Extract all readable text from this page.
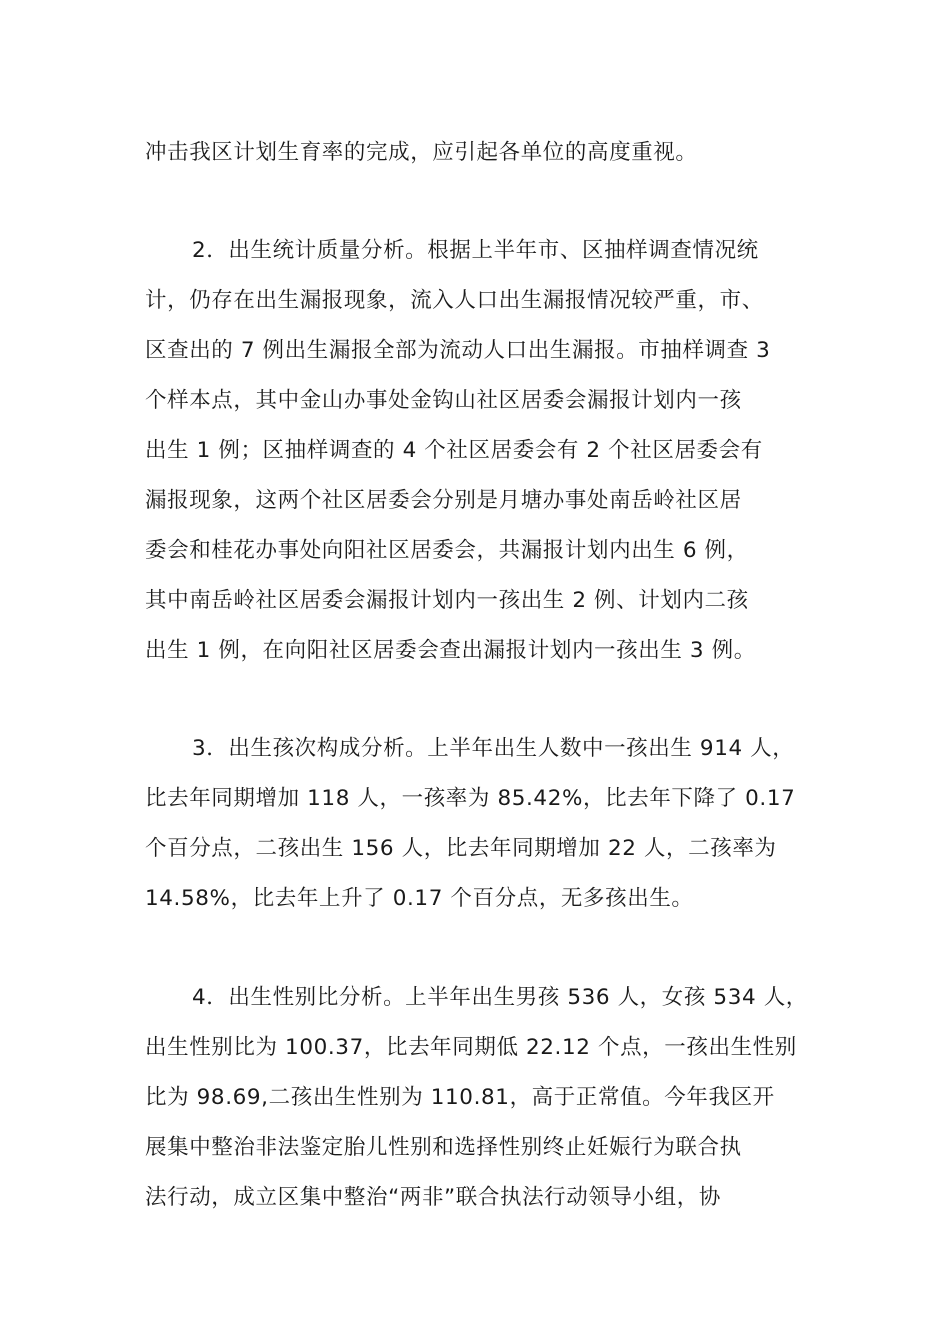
冲击我区计划生育率的完成，应引起各单位的高度重视。
2．出生统计质量分析。根据上半年市、区抽样调查情况统
计，仍存在出生漏报现象，流入人口出生漏报情况较严重，市、
区查出的 7 例出生漏报全部为流动人口出生漏报。市抽样调查 3
个样本点，其中金山办事处金钩山社区居委会漏报计划内一孩
出生 1 例；区抽样调查的 4 个社区居委会有 2 个社区居委会有
漏报现象，这两个社区居委会分别是月塘办事处南岳岭社区居
委会和桂花办事处向阳社区居委会，共漏报计划内出生 6 例，
其中南岳岭社区居委会漏报计划内一孩出生 2 例、计划内二孩
出生 1 例，在向阳社区居委会查出漏报计划内一孩出生 3 例。
3．出生孩次构成分析。上半年出生人数中一孩出生 914 人，
比去年同期增加 118 人，一孩率为 85.42%，比去年下降了 0.17
个百分点，二孩出生 156 人，比去年同期增加 22 人，二孩率为
14.58%，比去年上升了 0.17 个百分点，无多孩出生。
4．出生性别比分析。上半年出生男孩 536 人，女孩 534 人，
出生性别比为 100.37，比去年同期低 22.12 个点，一孩出生性别
比为 98.69,二孩出生性别为 110.81，高于正常值。今年我区开
展集中整治非法鉴定胎儿性别和选择性别终止妊娠行为联合执
法行动，成立区集中整治“两非”联合执法行动领导小组，协
